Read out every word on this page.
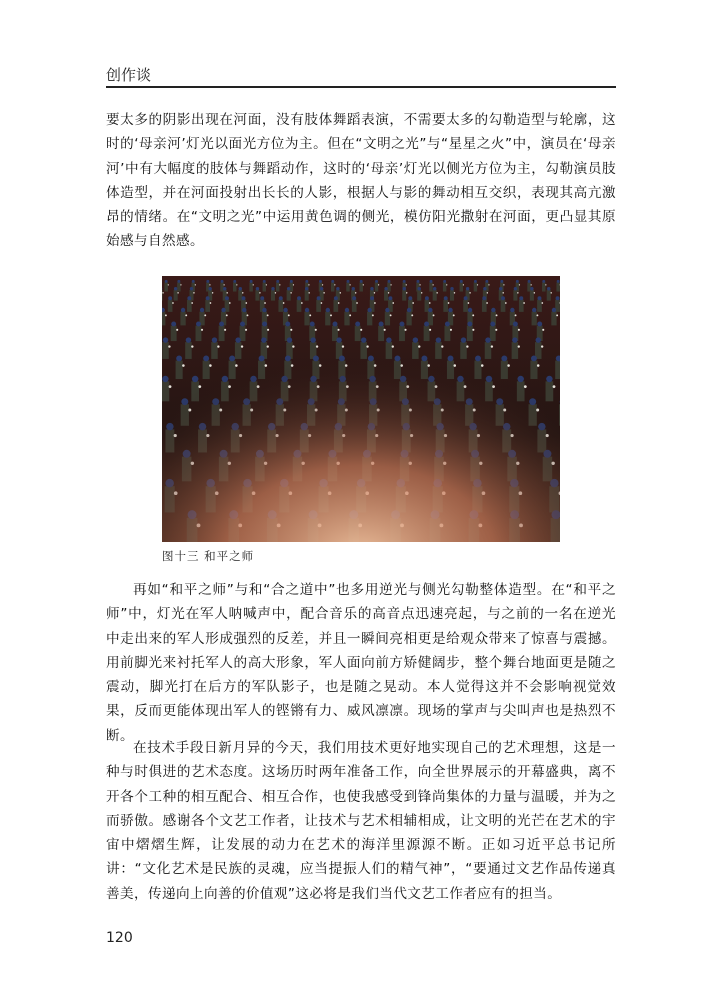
创作谈

要太多的阴影出现在河面，没有肢体舞蹈表演，不需要太多的勾勒造型与轮廓，这时的‘母亲河’灯光以面光方位为主。但在“文明之光”与“星星之火”中，演员在‘母亲河’中有大幅度的肢体与舞蹈动作，这时的‘母亲’灯光以侧光方位为主，勾勒演员肢体造型，并在河面投射出长长的人影，根据人与影的舞动相互交织，表现其高亢激昂的情绪。在“文明之光”中运用黄色调的侧光，模仿阳光撒射在河面，更凸显其原始感与自然感。

图十三 和平之师

再如“和平之师”与和“合之道中”也多用逆光与侧光勾勒整体造型。在“和平之师”中，灯光在军人呐喊声中，配合音乐的高音点迅速亮起，与之前的一名在逆光中走出来的军人形成强烈的反差，并且一瞬间亮相更是给观众带来了惊喜与震撼。用前脚光来衬托军人的高大形象，军人面向前方矫健阔步，整个舞台地面更是随之震动，脚光打在后方的军队影子，也是随之晃动。本人觉得这并不会影响视觉效果，反而更能体现出军人的铿锵有力、威风凛凛。现场的掌声与尖叫声也是热烈不断。

在技术手段日新月异的今天，我们用技术更好地实现自己的艺术理想，这是一种与时俱进的艺术态度。这场历时两年准备工作，向全世界展示的开幕盛典，离不开各个工种的相互配合、相互合作，也使我感受到锋尚集体的力量与温暖，并为之而骄傲。感谢各个文艺工作者，让技术与艺术相辅相成，让文明的光芒在艺术的宇宙中熠熠生辉，让发展的动力在艺术的海洋里源源不断。正如习近平总书记所讲：“文化艺术是民族的灵魂，应当提振人们的精气神”，“要通过文艺作品传递真善美，传递向上向善的价值观”这必将是我们当代文艺工作者应有的担当。

120
